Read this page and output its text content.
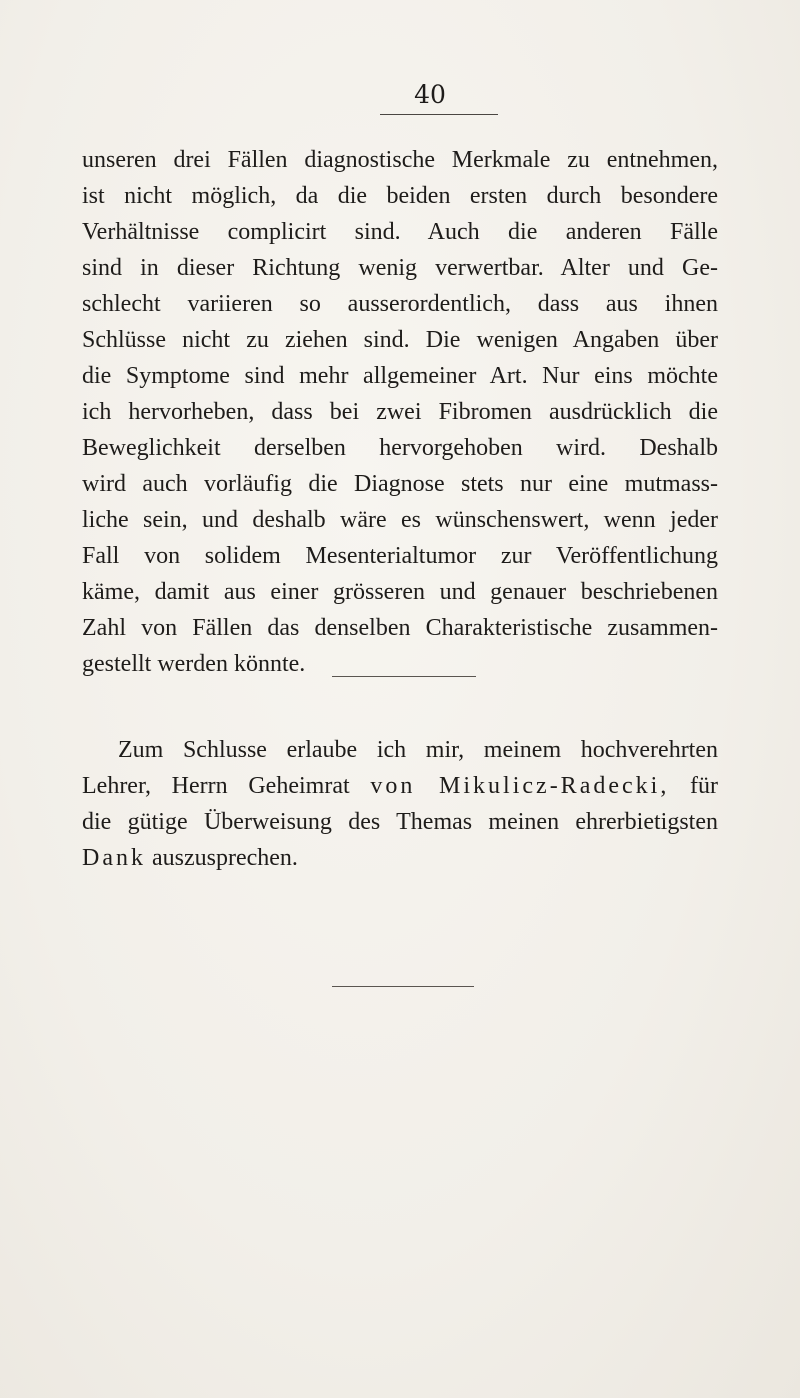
40

unseren drei Fällen diagnostische Merkmale zu entnehmen,
ist nicht möglich, da die beiden ersten durch besondere
Verhältnisse complicirt sind. Auch die anderen Fälle
sind in dieser Richtung wenig verwertbar. Alter und Ge-
schlecht variieren so ausserordentlich, dass aus ihnen
Schlüsse nicht zu ziehen sind. Die wenigen Angaben über
die Symptome sind mehr allgemeiner Art. Nur eins möchte
ich hervorheben, dass bei zwei Fibromen ausdrücklich die
Beweglichkeit derselben hervorgehoben wird. Deshalb
wird auch vorläufig die Diagnose stets nur eine mutmass-
liche sein, und deshalb wäre es wünschenswert, wenn jeder
Fall von solidem Mesenterialtumor zur Veröffentlichung
käme, damit aus einer grösseren und genauer beschriebenen
Zahl von Fällen das denselben Charakteristische zusammen-
gestellt werden könnte.

Zum Schlusse erlaube ich mir, meinem hochverehrten
Lehrer, Herrn Geheimrat von Mikulicz-Radecki, für
die gütige Überweisung des Themas meinen ehrerbietigsten
Dank auszusprechen.
